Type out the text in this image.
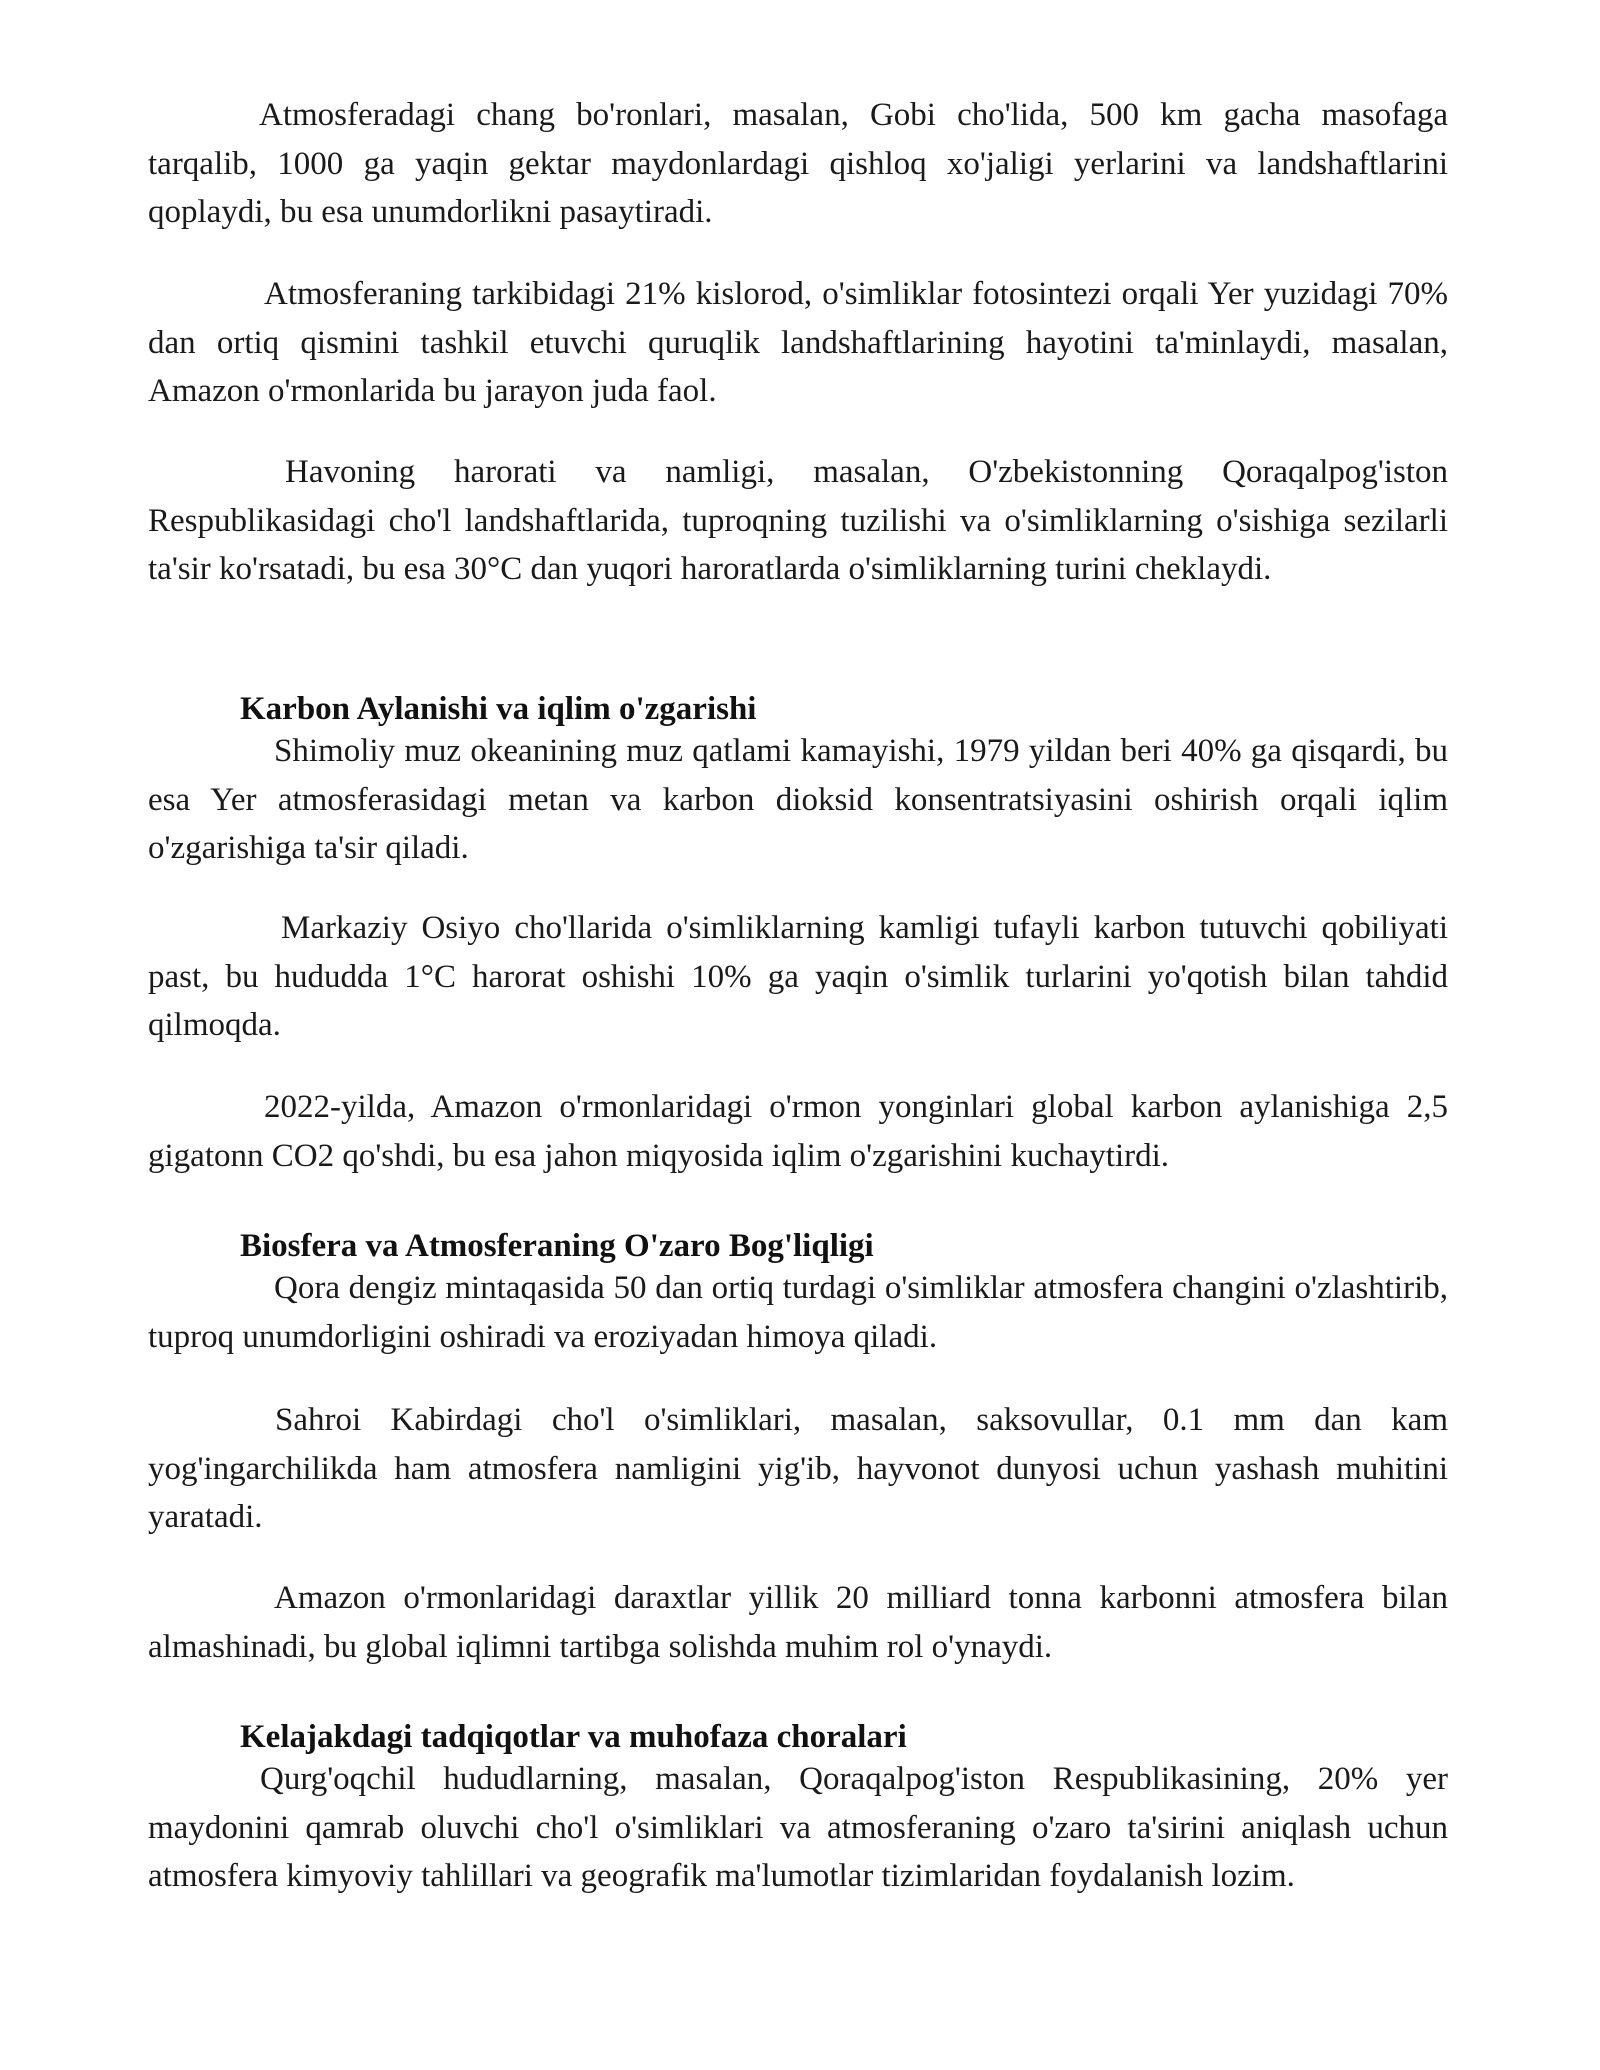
Atmosferadagi chang bo'ronlari, masalan, Gobi cho'lida, 500 km gacha masofaga tarqalib, 1000 ga yaqin gektar maydonlardagi qishloq xo'jaligi yerlarini va landshaftlarini qoplaydi, bu esa unumdorlikni pasaytiradi.

Atmosferaning tarkibidagi 21% kislorod, o'simliklar fotosintezi orqali Yer yuzidagi 70% dan ortiq qismini tashkil etuvchi quruqlik landshaftlarining hayotini ta'minlaydi, masalan, Amazon o'rmonlarida bu jarayon juda faol.

Havoning harorati va namligi, masalan, O'zbekistonning Qoraqalpog'iston Respublikasidagi cho'l landshaftlarida, tuproqning tuzilishi va o'simliklarning o'sishiga sezilarli ta'sir ko'rsatadi, bu esa 30°C dan yuqori haroratlarda o'simliklarning turini cheklaydi.

Karbon Aylanishi va iqlim o'zgarishi

Shimoliy muz okeanining muz qatlami kamayishi, 1979 yildan beri 40% ga qisqardi, bu esa Yer atmosferasidagi metan va karbon dioksid konsentratsiyasini oshirish orqali iqlim o'zgarishiga ta'sir qiladi.

Markaziy Osiyo cho'llarida o'simliklarning kamligi tufayli karbon tutuvchi qobiliyati past, bu hududda 1°C harorat oshishi 10% ga yaqin o'simlik turlarini yo'qotish bilan tahdid qilmoqda.

2022-yilda, Amazon o'rmonlaridagi o'rmon yonginlari global karbon aylanishiga 2,5 gigatonn CO2 qo'shdi, bu esa jahon miqyosida iqlim o'zgarishini kuchaytirdi.

Biosfera va Atmosferaning O'zaro Bog'liqligi

Qora dengiz mintaqasida 50 dan ortiq turdagi o'simliklar atmosfera changini o'zlashtirib, tuproq unumdorligini oshiradi va eroziyadan himoya qiladi.

Sahroi Kabirdagi cho'l o'simliklari, masalan, saksovullar, 0.1 mm dan kam yog'ingarchilikda ham atmosfera namligini yig'ib, hayvonot dunyosi uchun yashash muhitini yaratadi.

Amazon o'rmonlaridagi daraxtlar yillik 20 milliard tonna karbonni atmosfera bilan almashinadi, bu global iqlimni tartibga solishda muhim rol o'ynaydi.

Kelajakdagi tadqiqotlar va muhofaza choralari

Qurg'oqchil hududlarning, masalan, Qoraqalpog'iston Respublikasining, 20% yer maydonini qamrab oluvchi cho'l o'simliklari va atmosferaning o'zaro ta'sirini aniqlash uchun atmosfera kimyoviy tahlillari va geografik ma'lumotlar tizimlaridan foydalanish lozim.
